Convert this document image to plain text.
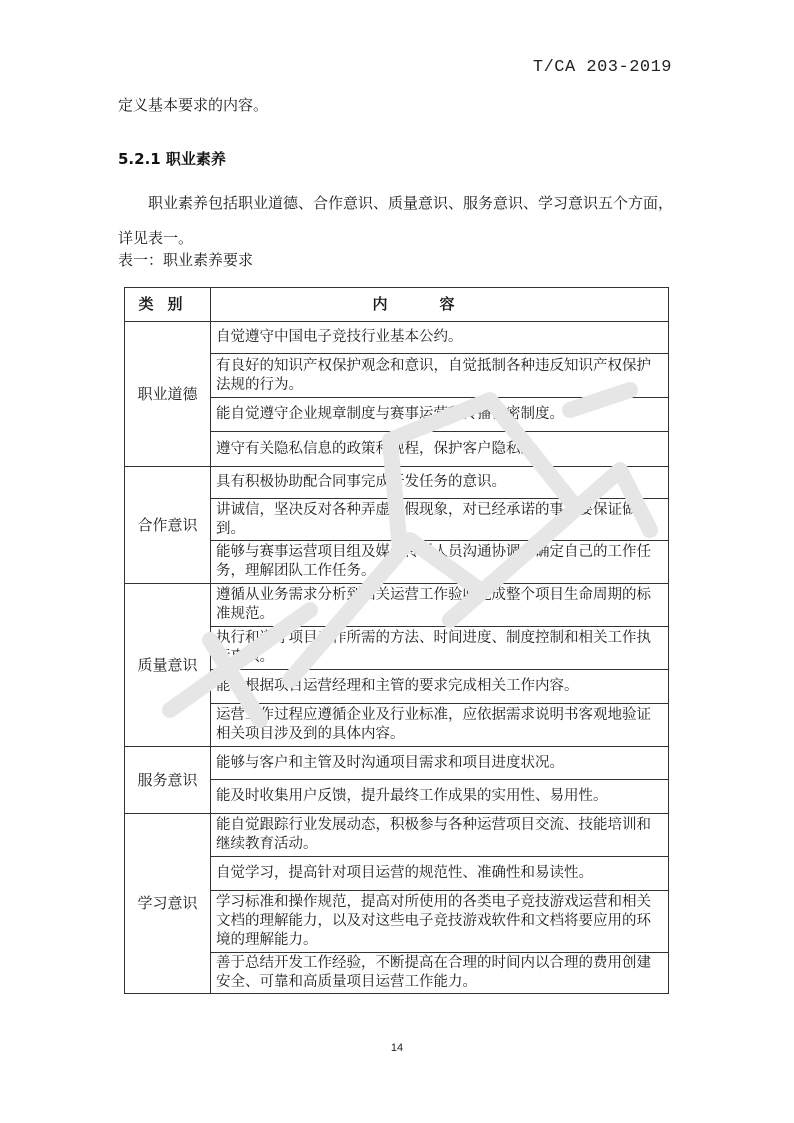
T/CA 203-2019
定义基本要求的内容。
5.2.1 职业素养
职业素养包括职业道德、合作意识、质量意识、服务意识、学习意识五个方面，详见表一。
表一：职业素养要求
类别	内容
职业道德	自觉遵守中国电子竞技行业基本公约。
	有良好的知识产权保护观念和意识，自觉抵制各种违反知识产权保护法规的行为。
	能自觉遵守企业规章制度与赛事运营和传播保密制度。
	遵守有关隐私信息的政策和规程，保护客户隐私。
合作意识	具有积极协助配合同事完成开发任务的意识。
	讲诚信，坚决反对各种弄虚作假现象，对已经承诺的事，要保证做到。
	能够与赛事运营项目组及媒体传播人员沟通协调，确定自己的工作任务，理解团队工作任务。
质量意识	遵循从业务需求分析到相关运营工作验收完成整个项目生命周期的标准规范。
	执行和遵守项目工作所需的方法、时间进度、制度控制和相关工作执行事项。
	能够根据项目运营经理和主管的要求完成相关工作内容。
	运营工作过程应遵循企业及行业标准，应依据需求说明书客观地验证相关项目涉及到的具体内容。
服务意识	能够与客户和主管及时沟通项目需求和项目进度状况。
	能及时收集用户反馈，提升最终工作成果的实用性、易用性。
学习意识	能自觉跟踪行业发展动态，积极参与各种运营项目交流、技能培训和继续教育活动。
	自觉学习，提高针对项目运营的规范性、准确性和易读性。
	学习标准和操作规范，提高对所使用的各类电子竞技游戏运营和相关文档的理解能力，以及对这些电子竞技游戏软件和文档将要应用的环境的理解能力。
	善于总结开发工作经验，不断提高在合理的时间内以合理的费用创建安全、可靠和高质量项目运营工作能力。
14
